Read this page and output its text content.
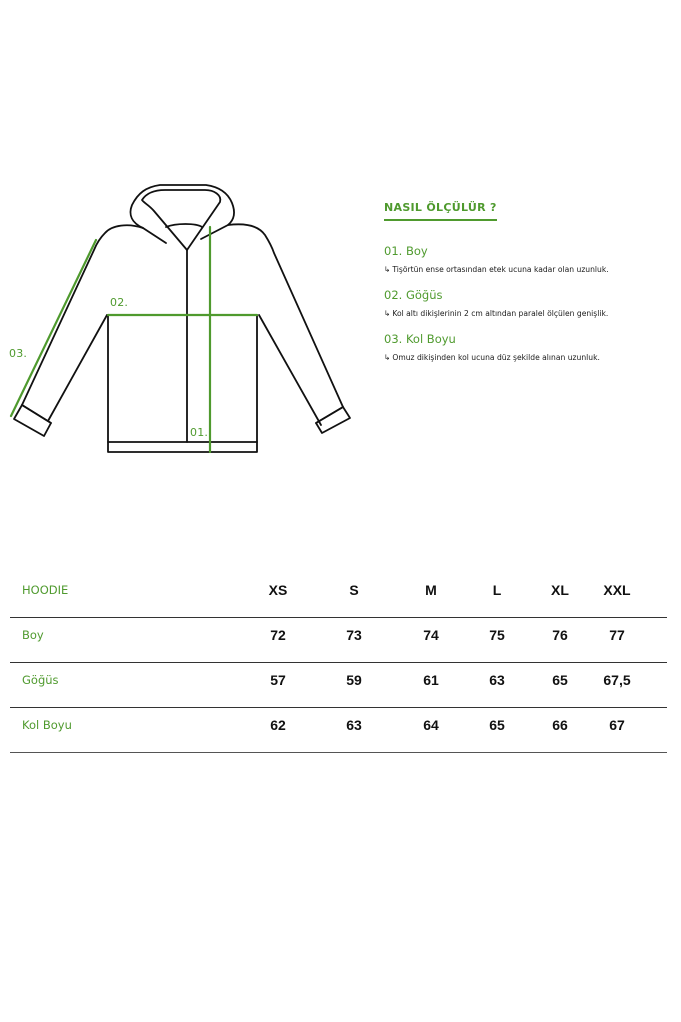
01.
02.
03.
NASIL ÖLÇÜLÜR ?
01. Boy
↳ Tişörtün ense ortasından etek ucuna kadar olan uzunluk.
02. Göğüs
↳ Kol altı dikişlerinin 2 cm altından paralel ölçülen genişlik.
03. Kol Boyu
↳ Omuz dikişinden kol ucuna düz şekilde alınan uzunluk.
HOODIE	XS	S	M	L	XL	XXL
Boy	72	73	74	75	76	77
Göğüs	57	59	61	63	65	67,5
Kol Boyu	62	63	64	65	66	67
